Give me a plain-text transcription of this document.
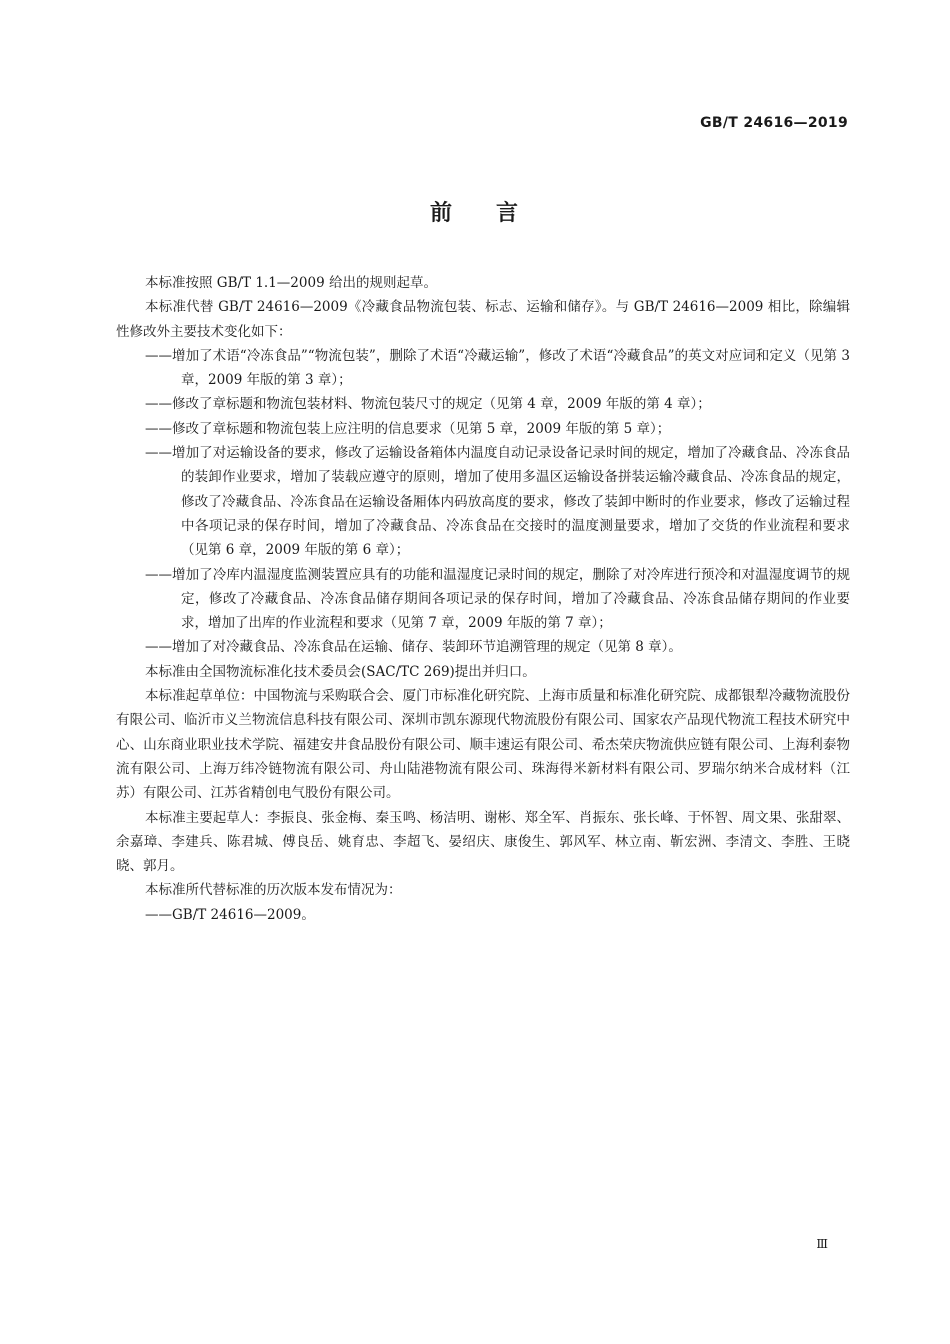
GB/T 24616—2019
前 言

本标准按照 GB/T 1.1—2009 给出的规则起草。

本标准代替 GB/T 24616—2009《冷藏食品物流包装、标志、运输和储存》。与 GB/T 24616—2009 相比，除编辑性修改外主要技术变化如下：

——增加了术语“冷冻食品”“物流包装”，删除了术语“冷藏运输”，修改了术语“冷藏食品”的英文对应词和定义（见第 3 章，2009 年版的第 3 章）；

——修改了章标题和物流包装材料、物流包装尺寸的规定（见第 4 章，2009 年版的第 4 章）；

——修改了章标题和物流包装上应注明的信息要求（见第 5 章，2009 年版的第 5 章）；

——增加了对运输设备的要求，修改了运输设备箱体内温度自动记录设备记录时间的规定，增加了冷藏食品、冷冻食品的装卸作业要求，增加了装载应遵守的原则，增加了使用多温区运输设备拼装运输冷藏食品、冷冻食品的规定，修改了冷藏食品、冷冻食品在运输设备厢体内码放高度的要求，修改了装卸中断时的作业要求，修改了运输过程中各项记录的保存时间，增加了冷藏食品、冷冻食品在交接时的温度测量要求，增加了交货的作业流程和要求（见第 6 章，2009 年版的第 6 章）；

——增加了冷库内温湿度监测装置应具有的功能和温湿度记录时间的规定，删除了对冷库进行预冷和对温湿度调节的规定，修改了冷藏食品、冷冻食品储存期间各项记录的保存时间，增加了冷藏食品、冷冻食品储存期间的作业要求，增加了出库的作业流程和要求（见第 7 章，2009 年版的第 7 章）；

——增加了对冷藏食品、冷冻食品在运输、储存、装卸环节追溯管理的规定（见第 8 章）。

本标准由全国物流标准化技术委员会(SAC/TC 269)提出并归口。

本标准起草单位：中国物流与采购联合会、厦门市标准化研究院、上海市质量和标准化研究院、成都银犁冷藏物流股份有限公司、临沂市义兰物流信息科技有限公司、深圳市凯东源现代物流股份有限公司、国家农产品现代物流工程技术研究中心、山东商业职业技术学院、福建安井食品股份有限公司、顺丰速运有限公司、希杰荣庆物流供应链有限公司、上海利泰物流有限公司、上海万纬冷链物流有限公司、舟山陆港物流有限公司、珠海得米新材料有限公司、罗瑞尔纳米合成材料（江苏）有限公司、江苏省精创电气股份有限公司。

本标准主要起草人：李振良、张金梅、秦玉鸣、杨洁明、谢彬、郑全军、肖振东、张长峰、于怀智、周文果、张甜翠、余嘉璋、李建兵、陈君城、傅良岳、姚育忠、李超飞、晏绍庆、康俊生、郭风军、林立南、靳宏洲、李清文、李胜、王晓晓、郭月。

本标准所代替标准的历次版本发布情况为：

——GB/T 24616—2009。

Ⅲ
